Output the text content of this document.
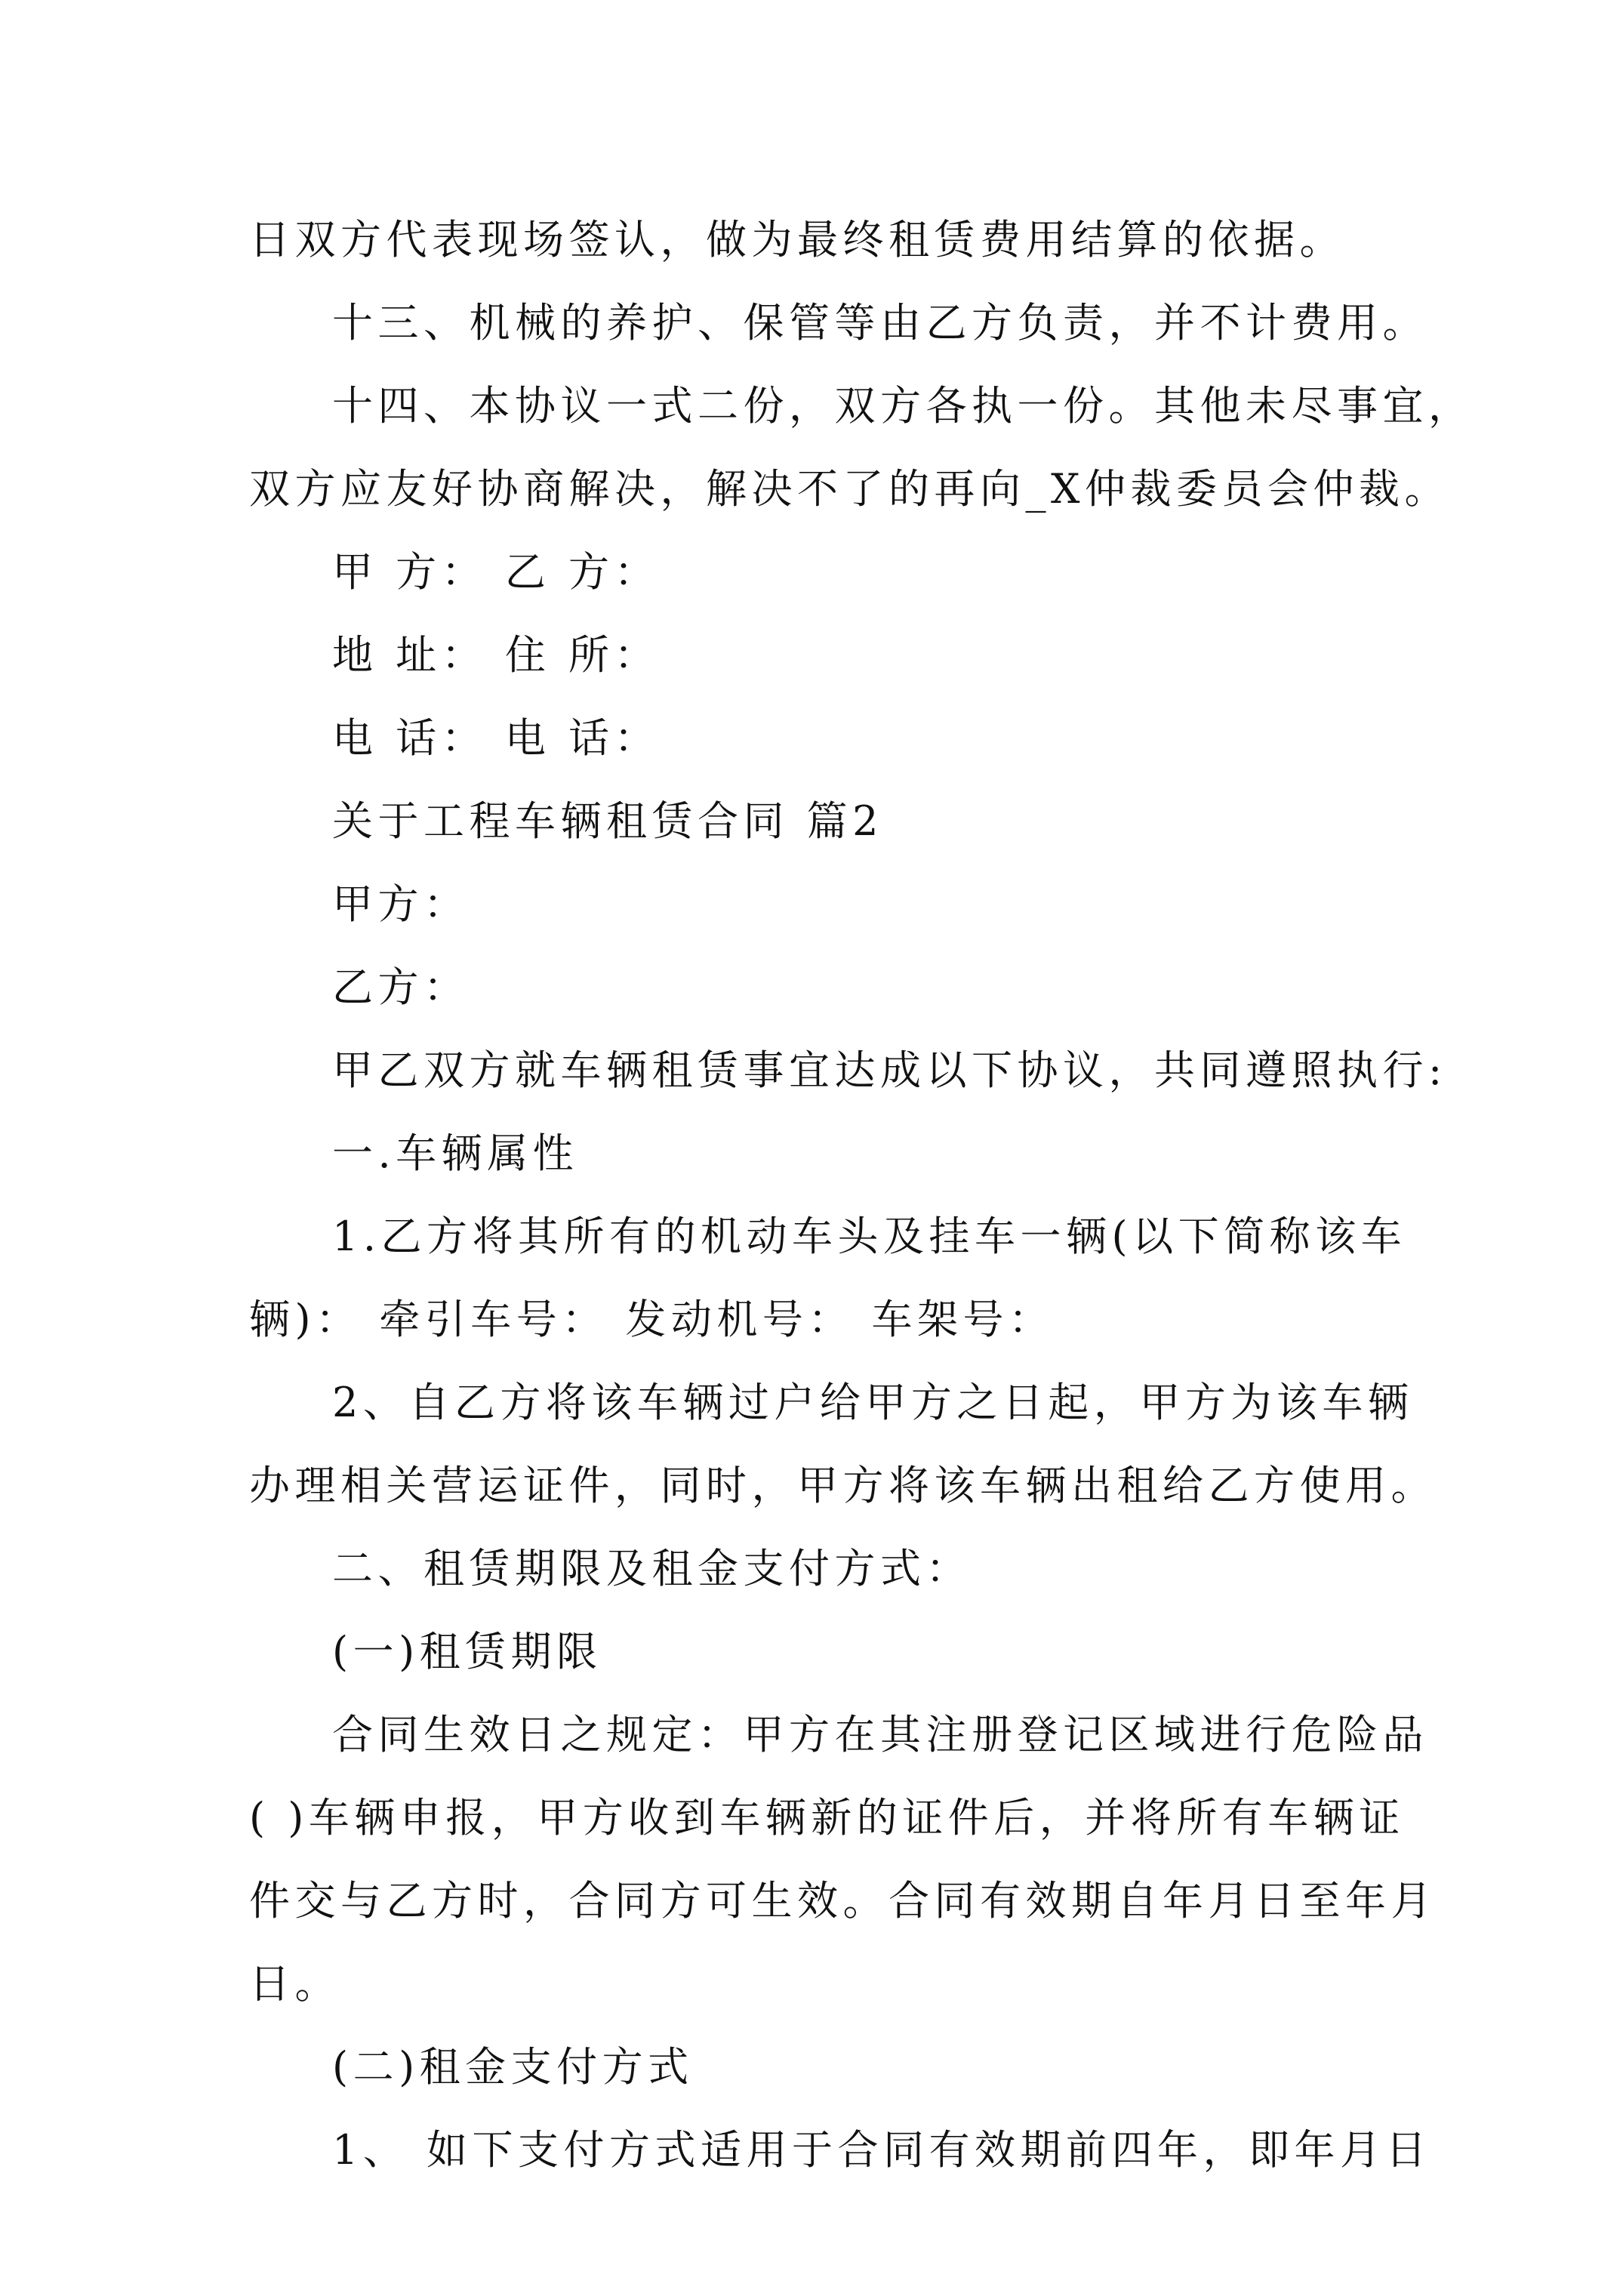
日双方代表现场签认，做为最终租赁费用结算的依据。
十三、机械的养护、保管等由乙方负责，并不计费用。
十四、本协议一式二份，双方各执一份。其他未尽事宜，
双方应友好协商解决，解决不了的再向_X仲裁委员会仲裁。
甲 方： 乙 方：
地 址： 住 所：
电 话： 电 话：
关于工程车辆租赁合同 篇2
甲方：
乙方：
甲乙双方就车辆租赁事宜达成以下协议，共同遵照执行:
一.车辆属性
1.乙方将其所有的机动车头及挂车一辆(以下简称该车
辆)： 牵引车号： 发动机号： 车架号：
2、自乙方将该车辆过户给甲方之日起，甲方为该车辆
办理相关营运证件，同时，甲方将该车辆出租给乙方使用。
二、租赁期限及租金支付方式：
(一)租赁期限
合同生效日之规定：甲方在其注册登记区域进行危险品
( )车辆申报，甲方收到车辆新的证件后，并将所有车辆证
件交与乙方时，合同方可生效。合同有效期自年月日至年月
日。
(二)租金支付方式
1、 如下支付方式适用于合同有效期前四年，即年月日
